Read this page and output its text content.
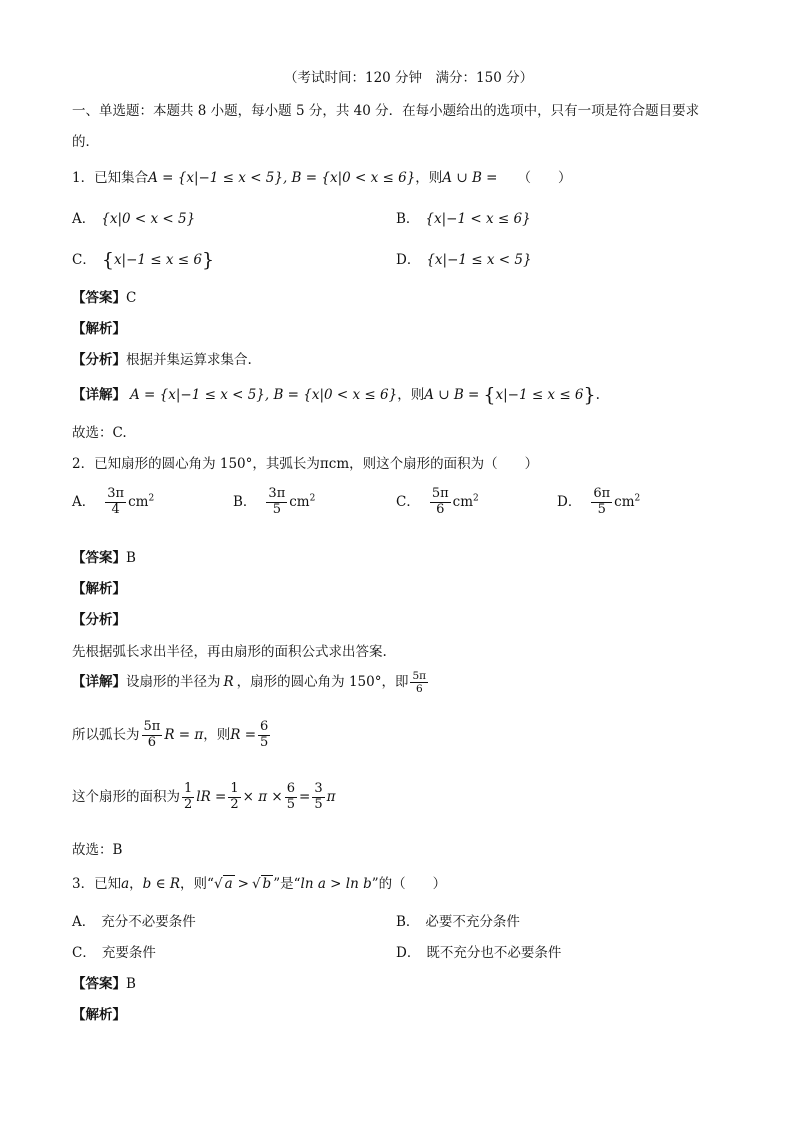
（考试时间：120 分钟　满分：150 分）
一、单选题：本题共 8 小题，每小题 5 分，共 40 分．在每小题给出的选项中，只有一项是符合题目要求
的．
1．已知集合A = {x|−1 ≤ x < 5}, B = {x|0 < x ≤ 6}，则A ∪ B = （　　）
A． {x|0 < x < 5}	B． {x|−1 < x ≤ 6}
C． {x|−1 ≤ x ≤ 6}	D． {x|−1 ≤ x < 5}
【答案】C
【解析】
【分析】根据并集运算求集合.
【详解】 A = {x|−1 ≤ x < 5}, B = {x|0 < x ≤ 6}，则A ∪ B = {x|−1 ≤ x ≤ 6}.
故选：C.
2．已知扇形的圆心角为 150°，其弧长为πcm，则这个扇形的面积为（　　）
A． $\frac{3\pi}{4} cm^2$	B． $\frac{3\pi}{5} cm^2$	C． $\frac{5\pi}{6} cm^2$	D． $\frac{6\pi}{5} cm^2$
【答案】B
【解析】
【分析】
先根据弧长求出半径，再由扇形的面积公式求出答案.
【详解】设扇形的半径为 R ，扇形的圆心角为 150°，即 $\frac{5\pi}{6}$
所以弧长为 $\frac{5\pi}{6}$ R = π，则$R = \frac{6}{5}$
这个扇形的面积为 $\frac{1}{2}$ lR = $\frac{1}{2} \times \pi \times \frac{6}{5} = \frac{3}{5}$ π
故选：B
3．已知a，b ∈ R，则“√ a > √ b ”是“ln a > ln b”的（　　）
A． 充分不必要条件	B． 必要不充分条件
C． 充要条件	D． 既不充分也不必要条件
【答案】B
【解析】
